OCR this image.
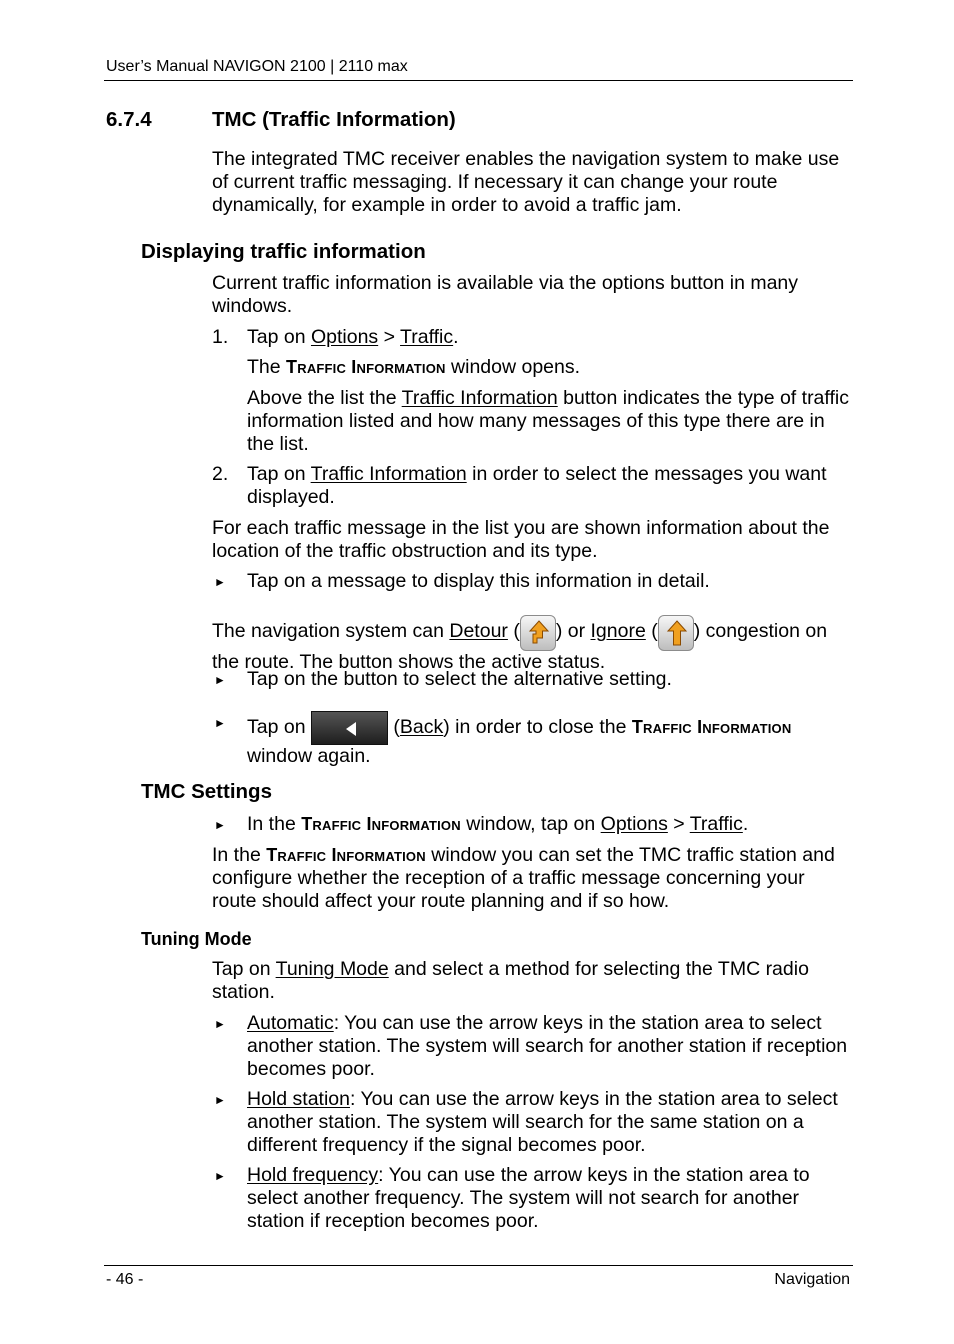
User’s Manual NAVIGON 2100 | 2110 max
6.7.4	TMC (Traffic Information)
The integrated TMC receiver enables the navigation system to make use of current traffic messaging. If necessary it can change your route dynamically, for example in order to avoid a traffic jam.
Displaying traffic information
Current traffic information is available via the options button in many windows.
1. Tap on Options > Traffic.
The Traffic Information window opens.
Above the list the Traffic Information button indicates the type of traffic information listed and how many messages of this type there are in the list.
2. Tap on Traffic Information in order to select the messages you want displayed.
For each traffic message in the list you are shown information about the location of the traffic obstruction and its type.
► Tap on a message to display this information in detail.
The navigation system can Detour ( ) or Ignore ( ) congestion on the route. The button shows the active status.
► Tap on the button to select the alternative setting.
► Tap on	(Back) in order to close the Traffic Information window again.
TMC Settings
► In the Traffic Information window, tap on Options > Traffic.
In the Traffic Information window you can set the TMC traffic station and configure whether the reception of a traffic message concerning your route should affect your route planning and if so how.
Tuning Mode
Tap on Tuning Mode and select a method for selecting the TMC radio station.
► Automatic: You can use the arrow keys in the station area to select another station. The system will search for another station if reception becomes poor.
► Hold station: You can use the arrow keys in the station area to select another station. The system will search for the same station on a different frequency if the signal becomes poor.
► Hold frequency: You can use the arrow keys in the station area to select another frequency. The system will not search for another station if reception becomes poor.
- 46 -	Navigation
